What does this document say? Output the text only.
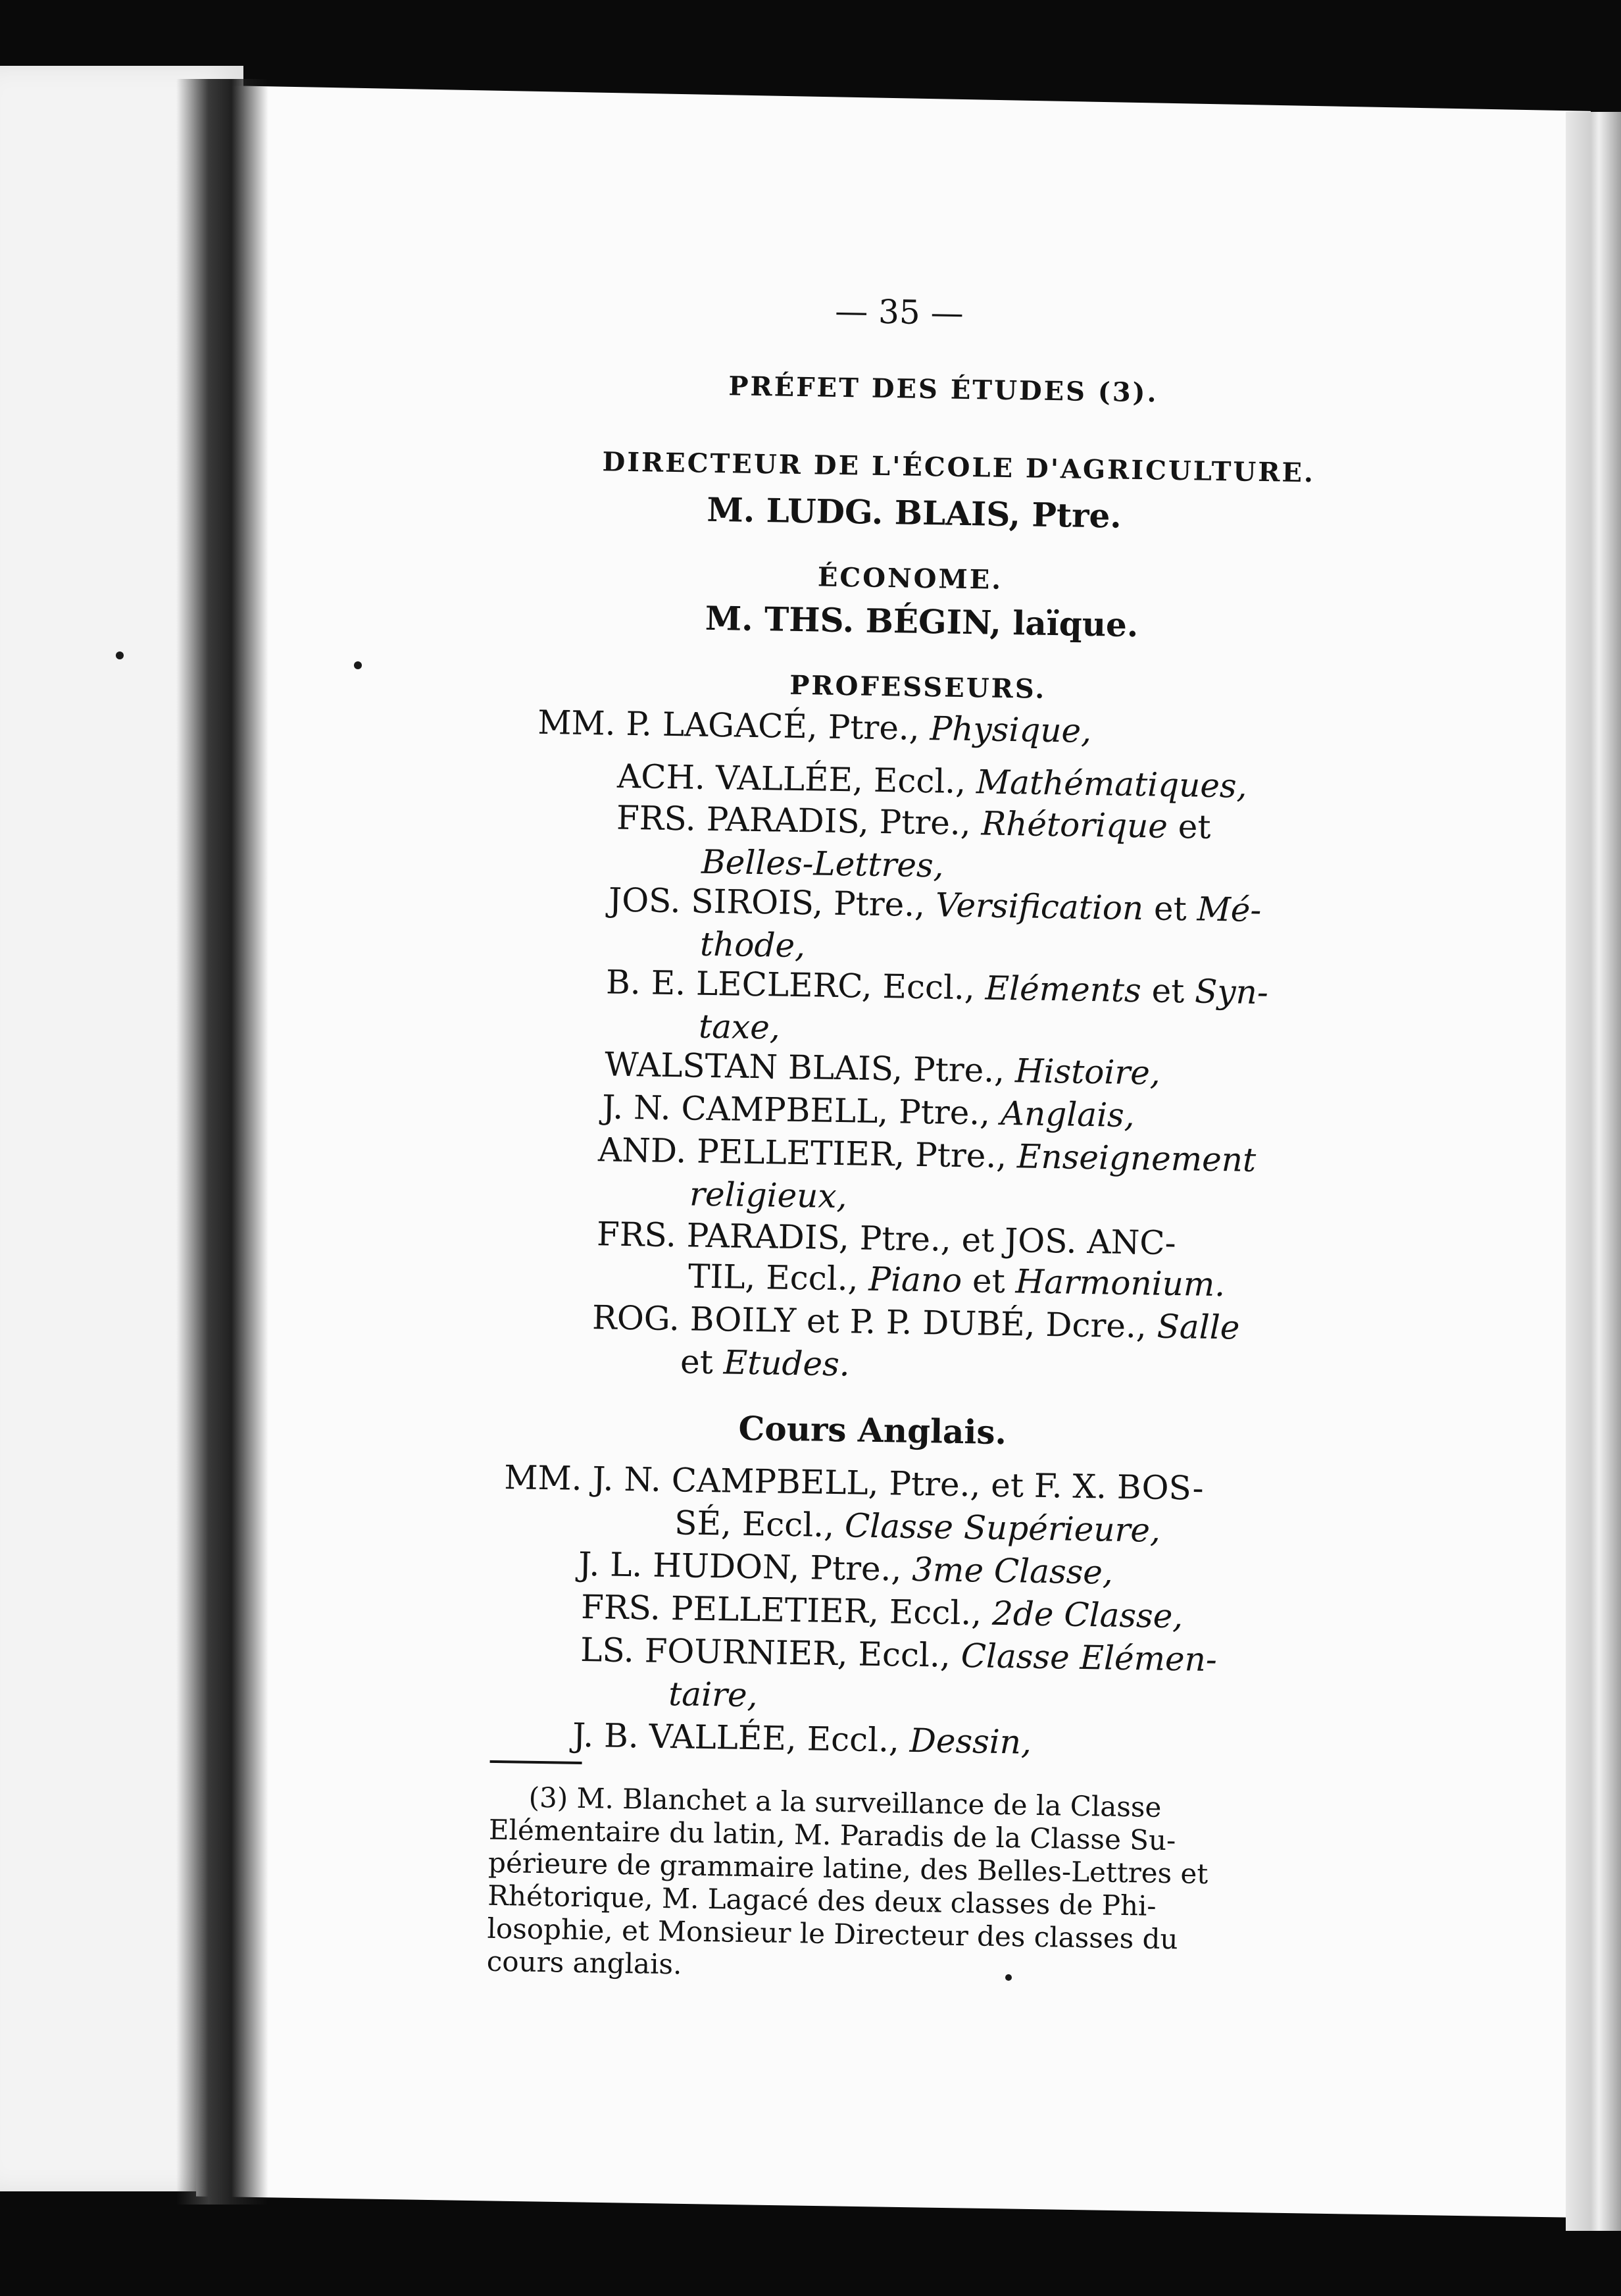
— 35 —
PRÉFET DES ÉTUDES (3).
DIRECTEUR DE L'ÉCOLE D'AGRICULTURE.
M. LUDG. BLAIS, Ptre.
ÉCONOME.
M. THS. BÉGIN, laïque.
PROFESSEURS.
MM. P. LAGACÉ, Ptre., Physique,
ACH. VALLÉE, Eccl., Mathématiques,
FRS. PARADIS, Ptre., Rhétorique et
Belles-Lettres,
JOS. SIROIS, Ptre., Versification et Mé-
thode,
B. E. LECLERC, Eccl., Eléments et Syn-
taxe,
WALSTAN BLAIS, Ptre., Histoire,
J. N. CAMPBELL, Ptre., Anglais,
AND. PELLETIER, Ptre., Enseignement
religieux,
FRS. PARADIS, Ptre., et JOS. ANC-
TIL, Eccl., Piano et Harmonium.
ROG. BOILY et P. P. DUBÉ, Dcre., Salle
et Etudes.
Cours Anglais.
MM. J. N. CAMPBELL, Ptre., et F. X. BOS-
SÉ, Eccl., Classe Supérieure,
J. L. HUDON, Ptre., 3me Classe,
FRS. PELLETIER, Eccl., 2de Classe,
LS. FOURNIER, Eccl., Classe Elémen-
taire,
J. B. VALLÉE, Eccl., Dessin,
(3) M. Blanchet a la surveillance de la Classe
Elémentaire du latin, M. Paradis de la Classe Su-
périeure de grammaire latine, des Belles-Lettres et
Rhétorique, M. Lagacé des deux classes de Phi-
losophie, et Monsieur le Directeur des classes du
cours anglais.
